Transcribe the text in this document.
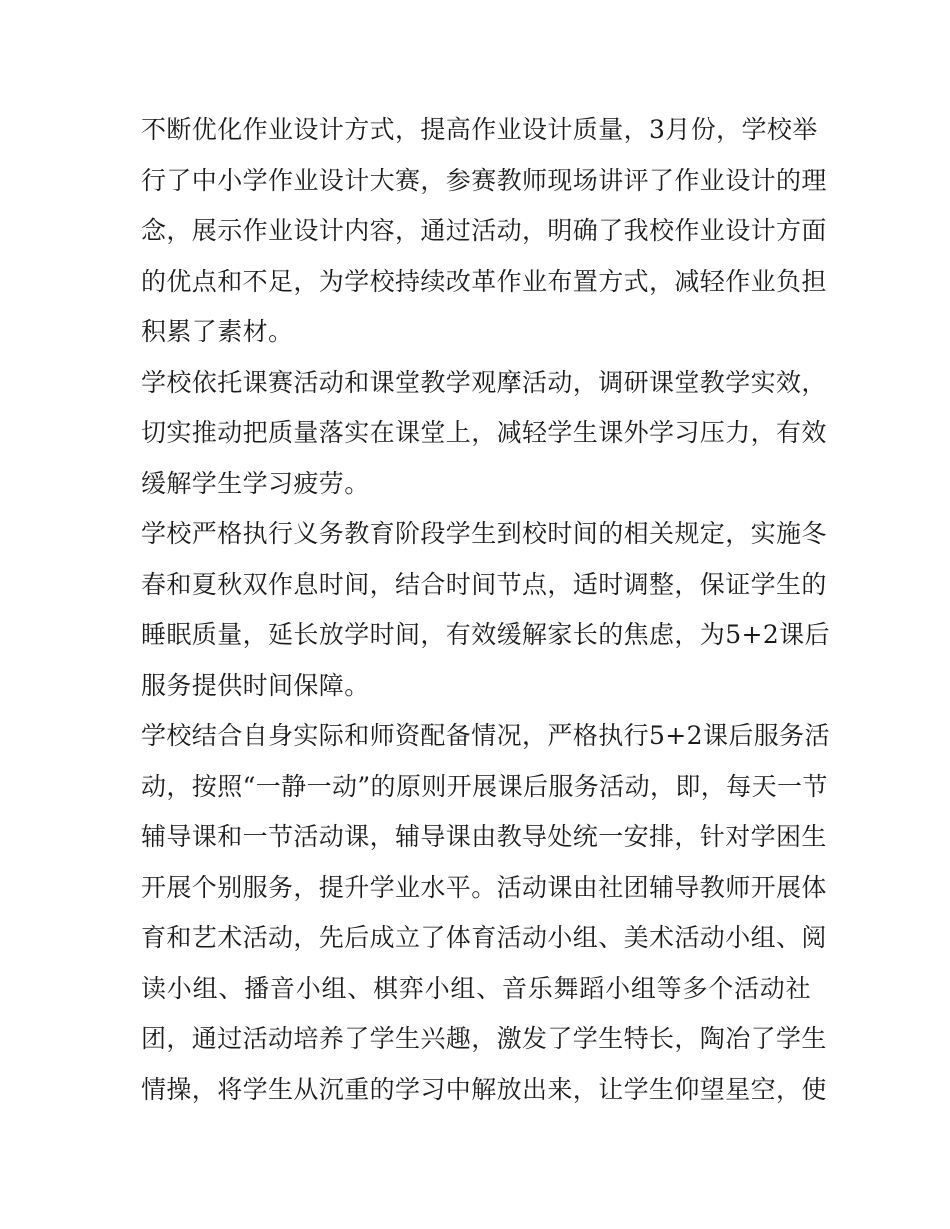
不断优化作业设计方式，提高作业设计质量，3月份，学校举
行了中小学作业设计大赛，参赛教师现场讲评了作业设计的理
念，展示作业设计内容，通过活动，明确了我校作业设计方面
的优点和不足，为学校持续改革作业布置方式，减轻作业负担
积累了素材。

学校依托课赛活动和课堂教学观摩活动，调研课堂教学实效，
切实推动把质量落实在课堂上，减轻学生课外学习压力，有效
缓解学生学习疲劳。

学校严格执行义务教育阶段学生到校时间的相关规定，实施冬
春和夏秋双作息时间，结合时间节点，适时调整，保证学生的
睡眠质量，延长放学时间，有效缓解家长的焦虑，为5+2课后
服务提供时间保障。

学校结合自身实际和师资配备情况，严格执行5+2课后服务活
动，按照“一静一动”的原则开展课后服务活动，即，每天一节
辅导课和一节活动课，辅导课由教导处统一安排，针对学困生
开展个别服务，提升学业水平。活动课由社团辅导教师开展体
育和艺术活动，先后成立了体育活动小组、美术活动小组、阅
读小组、播音小组、棋弈小组、音乐舞蹈小组等多个活动社
团，通过活动培养了学生兴趣，激发了学生特长，陶冶了学生
情操，将学生从沉重的学习中解放出来，让学生仰望星空，使
